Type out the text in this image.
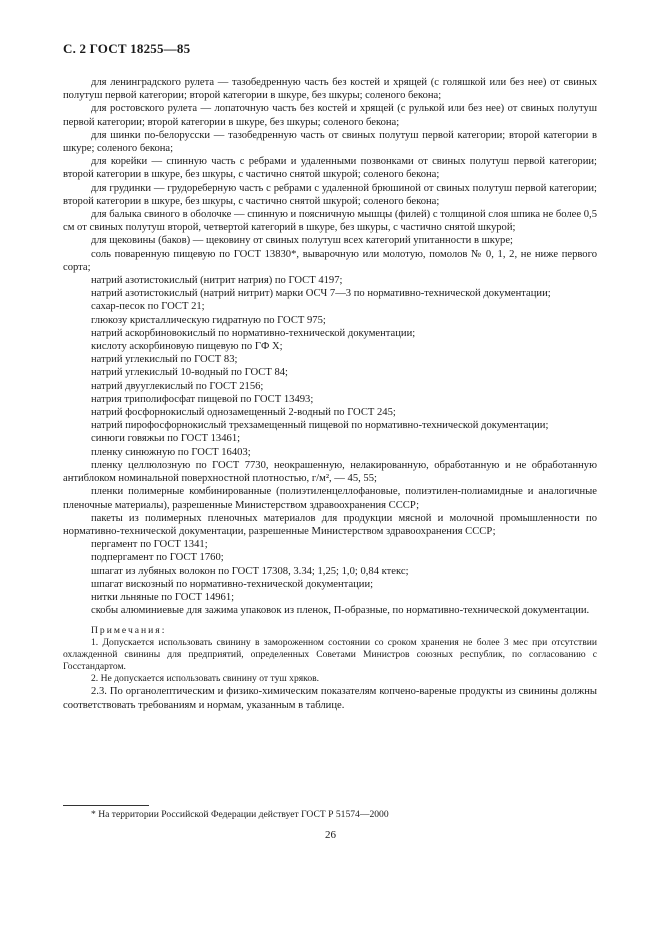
С. 2 ГОСТ 18255—85

для ленинградского рулета — тазобедренную часть без костей и хрящей (с голяшкой или без нее) от свиных полутуш первой категории; второй категории в шкуре, без шкуры; соленого бекона;

для ростовского рулета — лопаточную часть без костей и хрящей (с рулькой или без нее) от свиных полутуш первой категории; второй категории в шкуре, без шкуры; соленого бекона;

для шинки по-белорусски — тазобедренную часть от свиных полутуш первой категории; второй категории в шкуре; соленого бекона;

для корейки — спинную часть с ребрами и удаленными позвонками от свиных полутуш первой категории; второй категории в шкуре, без шкуры, с частично снятой шкурой; соленого бекона;

для грудинки — грудореберную часть с ребрами с удаленной брюшиной от свиных полутуш первой категории; второй категории в шкуре, без шкуры, с частично снятой шкурой; соленого бекона;

для балыка свиного в оболочке — спинную и поясничную мышцы (филей) с толщиной слоя шпика не более 0,5 см от свиных полутуш второй, четвертой категорий в шкуре, без шкуры, с частично снятой шкурой;

для щековины (баков) — щековину от свиных полутуш всех категорий упитанности в шкуре;

соль поваренную пищевую по ГОСТ 13830*, выварочную или молотую, помолов № 0, 1, 2, не ниже первого сорта;

натрий азотистокислый (нитрит натрия) по ГОСТ 4197;

натрий азотистокислый (натрий нитрит) марки ОСЧ 7—3 по нормативно-технической документации;

сахар-песок по ГОСТ 21;

глюкозу кристаллическую гидратную по ГОСТ 975;

натрий аскорбиновокислый по нормативно-технической документации;

кислоту аскорбиновую пищевую по ГФ X;

натрий углекислый по ГОСТ 83;

натрий углекислый 10-водный по ГОСТ 84;

натрий двууглекислый по ГОСТ 2156;

натрия триполифосфат пищевой по ГОСТ 13493;

натрий фосфорнокислый однозамещенный 2-водный по ГОСТ 245;

натрий пирофосфорнокислый трехзамещенный пищевой по нормативно-технической документации;

синюги говяжьи по ГОСТ 13461;

пленку синюжную по ГОСТ 16403;

пленку целлюлозную по ГОСТ 7730, неокрашенную, нелакированную, обработанную и не обработанную антиблоком номинальной поверхностной плотностью, г/м², — 45, 55;

пленки полимерные комбинированные (полиэтиленцеллофановые, полиэтилен-полиамидные и аналогичные пленочные материалы), разрешенные Министерством здравоохранения СССР;

пакеты из полимерных пленочных материалов для продукции мясной и молочной промышленности по нормативно-технической документации, разрешенные Министерством здравоохранения СССР;

пергамент по ГОСТ 1341;

подпергамент по ГОСТ 1760;

шпагат из лубяных волокон по ГОСТ 17308, 3.34; 1,25; 1,0; 0,84 ктекс;

шпагат вискозный по нормативно-технической документации;

нитки льняные по ГОСТ 14961;

скобы алюминиевые для зажима упаковок из пленок, П-образные, по нормативно-технической документации.

Примечания:

1. Допускается использовать свинину в замороженном состоянии со сроком хранения не более 3 мес при отсутствии охлажденной свинины для предприятий, определенных Советами Министров союзных республик, по согласованию с Госстандартом.

2. Не допускается использовать свинину от туш хряков.

2.3. По органолептическим и физико-химическим показателям копчено-вареные продукты из свинины должны соответствовать требованиям и нормам, указанным в таблице.

* На территории Российской Федерации действует ГОСТ Р 51574—2000
26
